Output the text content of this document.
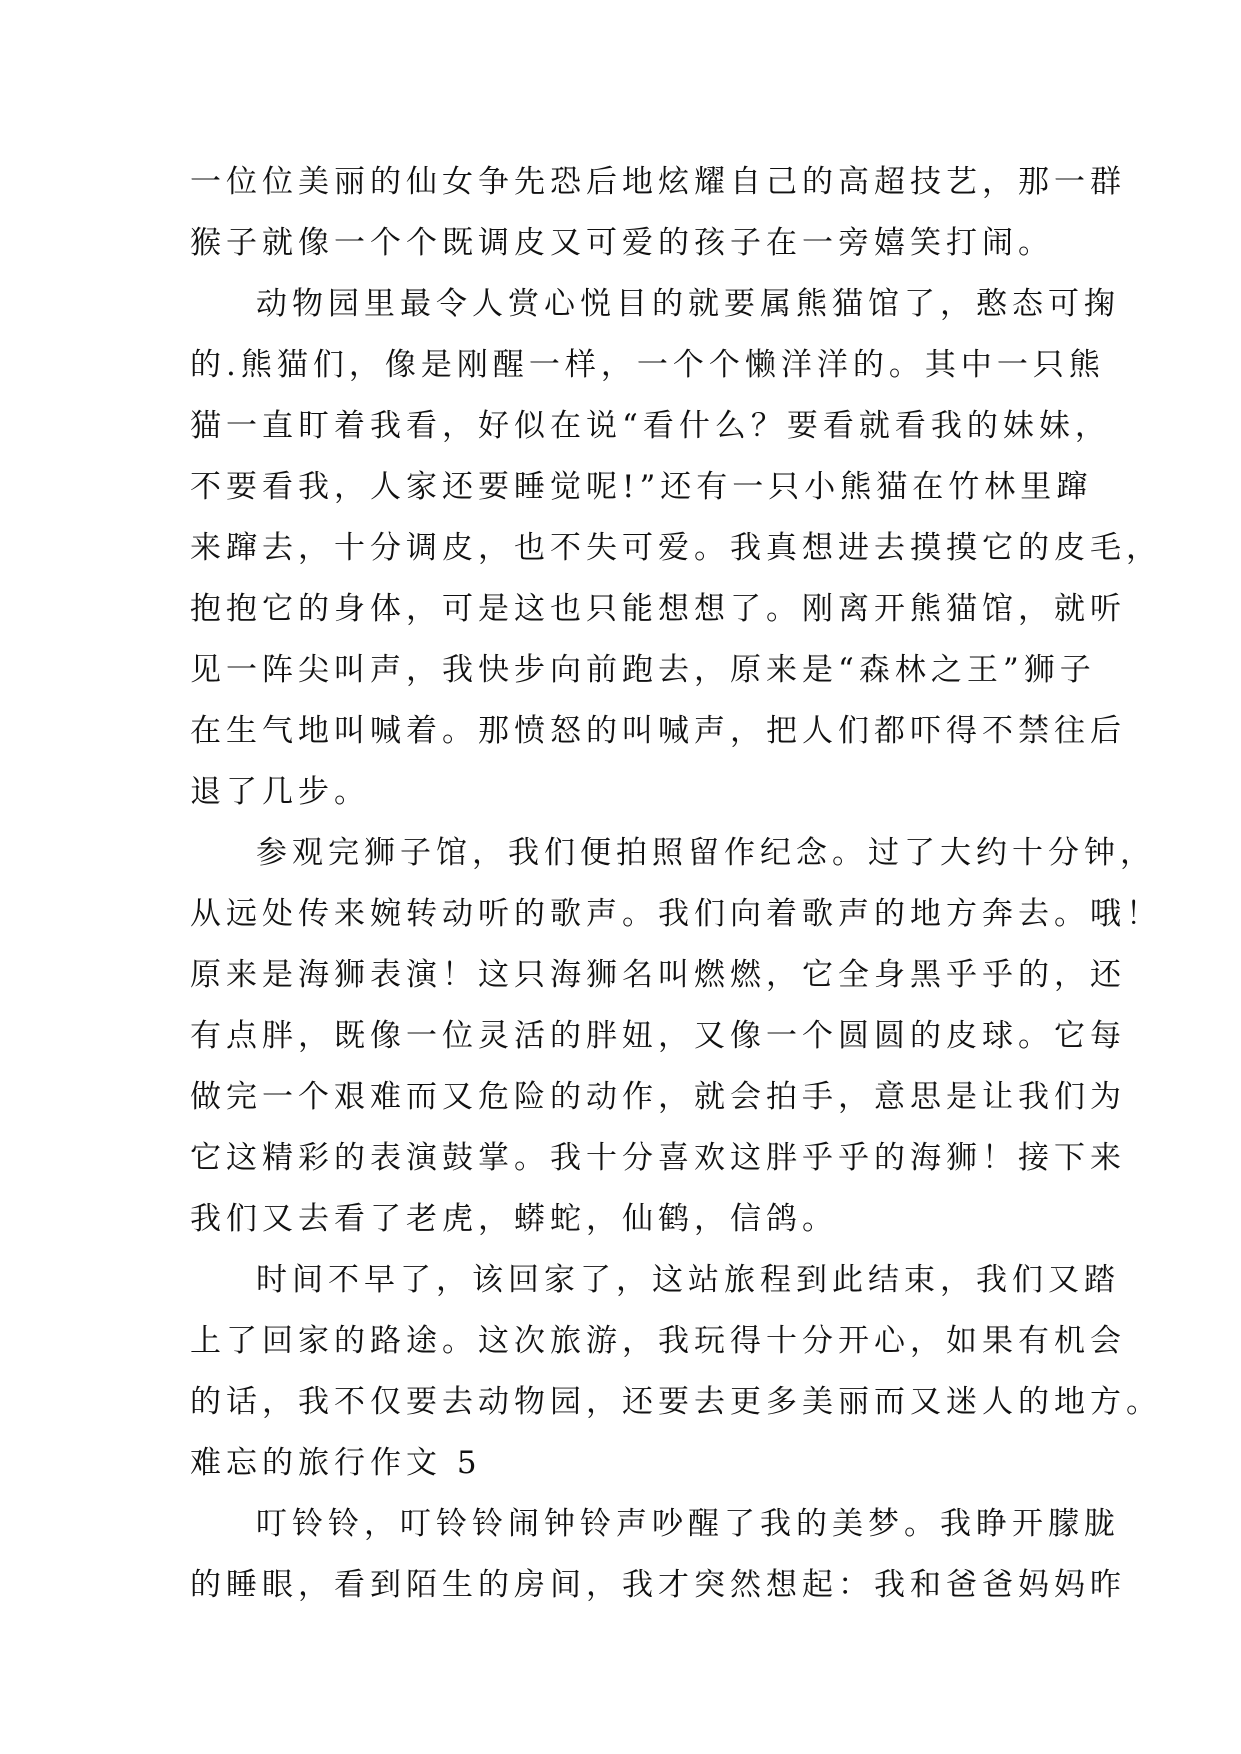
一位位美丽的仙女争先恐后地炫耀自己的高超技艺，那一群
猴子就像一个个既调皮又可爱的孩子在一旁嬉笑打闹。
动物园里最令人赏心悦目的就要属熊猫馆了，憨态可掬
的.熊猫们，像是刚醒一样，一个个懒洋洋的。其中一只熊
猫一直盯着我看，好似在说“看什么？要看就看我的妹妹，
不要看我，人家还要睡觉呢!”还有一只小熊猫在竹林里蹿
来蹿去，十分调皮，也不失可爱。我真想进去摸摸它的皮毛，
抱抱它的身体，可是这也只能想想了。刚离开熊猫馆，就听
见一阵尖叫声，我快步向前跑去，原来是“森林之王”狮子
在生气地叫喊着。那愤怒的叫喊声，把人们都吓得不禁往后
退了几步。
参观完狮子馆，我们便拍照留作纪念。过了大约十分钟，
从远处传来婉转动听的歌声。我们向着歌声的地方奔去。哦！
原来是海狮表演！这只海狮名叫燃燃，它全身黑乎乎的，还
有点胖，既像一位灵活的胖妞，又像一个圆圆的皮球。它每
做完一个艰难而又危险的动作，就会拍手，意思是让我们为
它这精彩的表演鼓掌。我十分喜欢这胖乎乎的海狮！接下来
我们又去看了老虎，蟒蛇，仙鹤，信鸽。
时间不早了，该回家了，这站旅程到此结束，我们又踏
上了回家的路途。这次旅游，我玩得十分开心，如果有机会
的话，我不仅要去动物园，还要去更多美丽而又迷人的地方。
难忘的旅行作文 5
叮铃铃，叮铃铃闹钟铃声吵醒了我的美梦。我睁开朦胧
的睡眼，看到陌生的房间，我才突然想起：我和爸爸妈妈昨
